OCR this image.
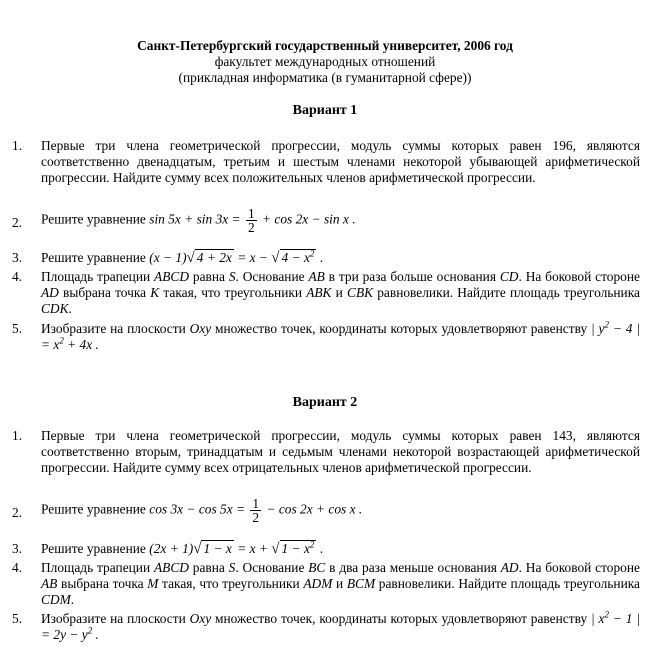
Санкт-Петербургский государственный университет, 2006 год
факультет международных отношений
(прикладная информатика (в гуманитарной сфере))
Вариант 1
1.	Первые три члена геометрической прогрессии, модуль суммы которых равен 196, являются соответственно двенадцатым, третьим и шестым членами некоторой убывающей арифметической прогрессии. Найдите сумму всех положительных членов арифметической прогрессии.
2.	Решите уравнение $\sin 5x + \sin 3x = \frac{1}{2} + \cos 2x - \sin x$ .
3.	Решите уравнение (x − 1)√ 4 + 2x = x − √ $4 - x^2$ .
4.	Площадь трапеции ABCD равна S. Основание AB в три раза больше основания CD. На боковой стороне AD выбрана точка K такая, что треугольники ABK и CBK равновелики. Найдите площадь треугольника CDK.
5.	Изобразите на плоскости Oxy множество точек, координаты которых удовлетворяют равенству | $y^2 - 4$ | = $x^2 + 4x$ .
Вариант 2
1.	Первые три члена геометрической прогрессии, модуль суммы которых равен 143, являются соответственно вторым, тринадцатым и седьмым членами некоторой возрастающей арифметической прогрессии. Найдите сумму всех отрицательных членов арифметической прогрессии.
2.	Решите уравнение $\cos 3x - \cos 5x = \frac{1}{2} - \cos 2x + \cos x$ .
3.	Решите уравнение (2x + 1)√ 1 − x = x + √ $1 - x^2$ .
4.	Площадь трапеции ABCD равна S. Основание BC в два раза меньше основания AD. На боковой стороне AB выбрана точка M такая, что треугольники ADM и BCM равновелики. Найдите площадь треугольника CDM.
5.	Изобразите на плоскости Oxy множество точек, координаты которых удовлетворяют равенству | $x^2 - 1$ | = $2y - y^2$ .
